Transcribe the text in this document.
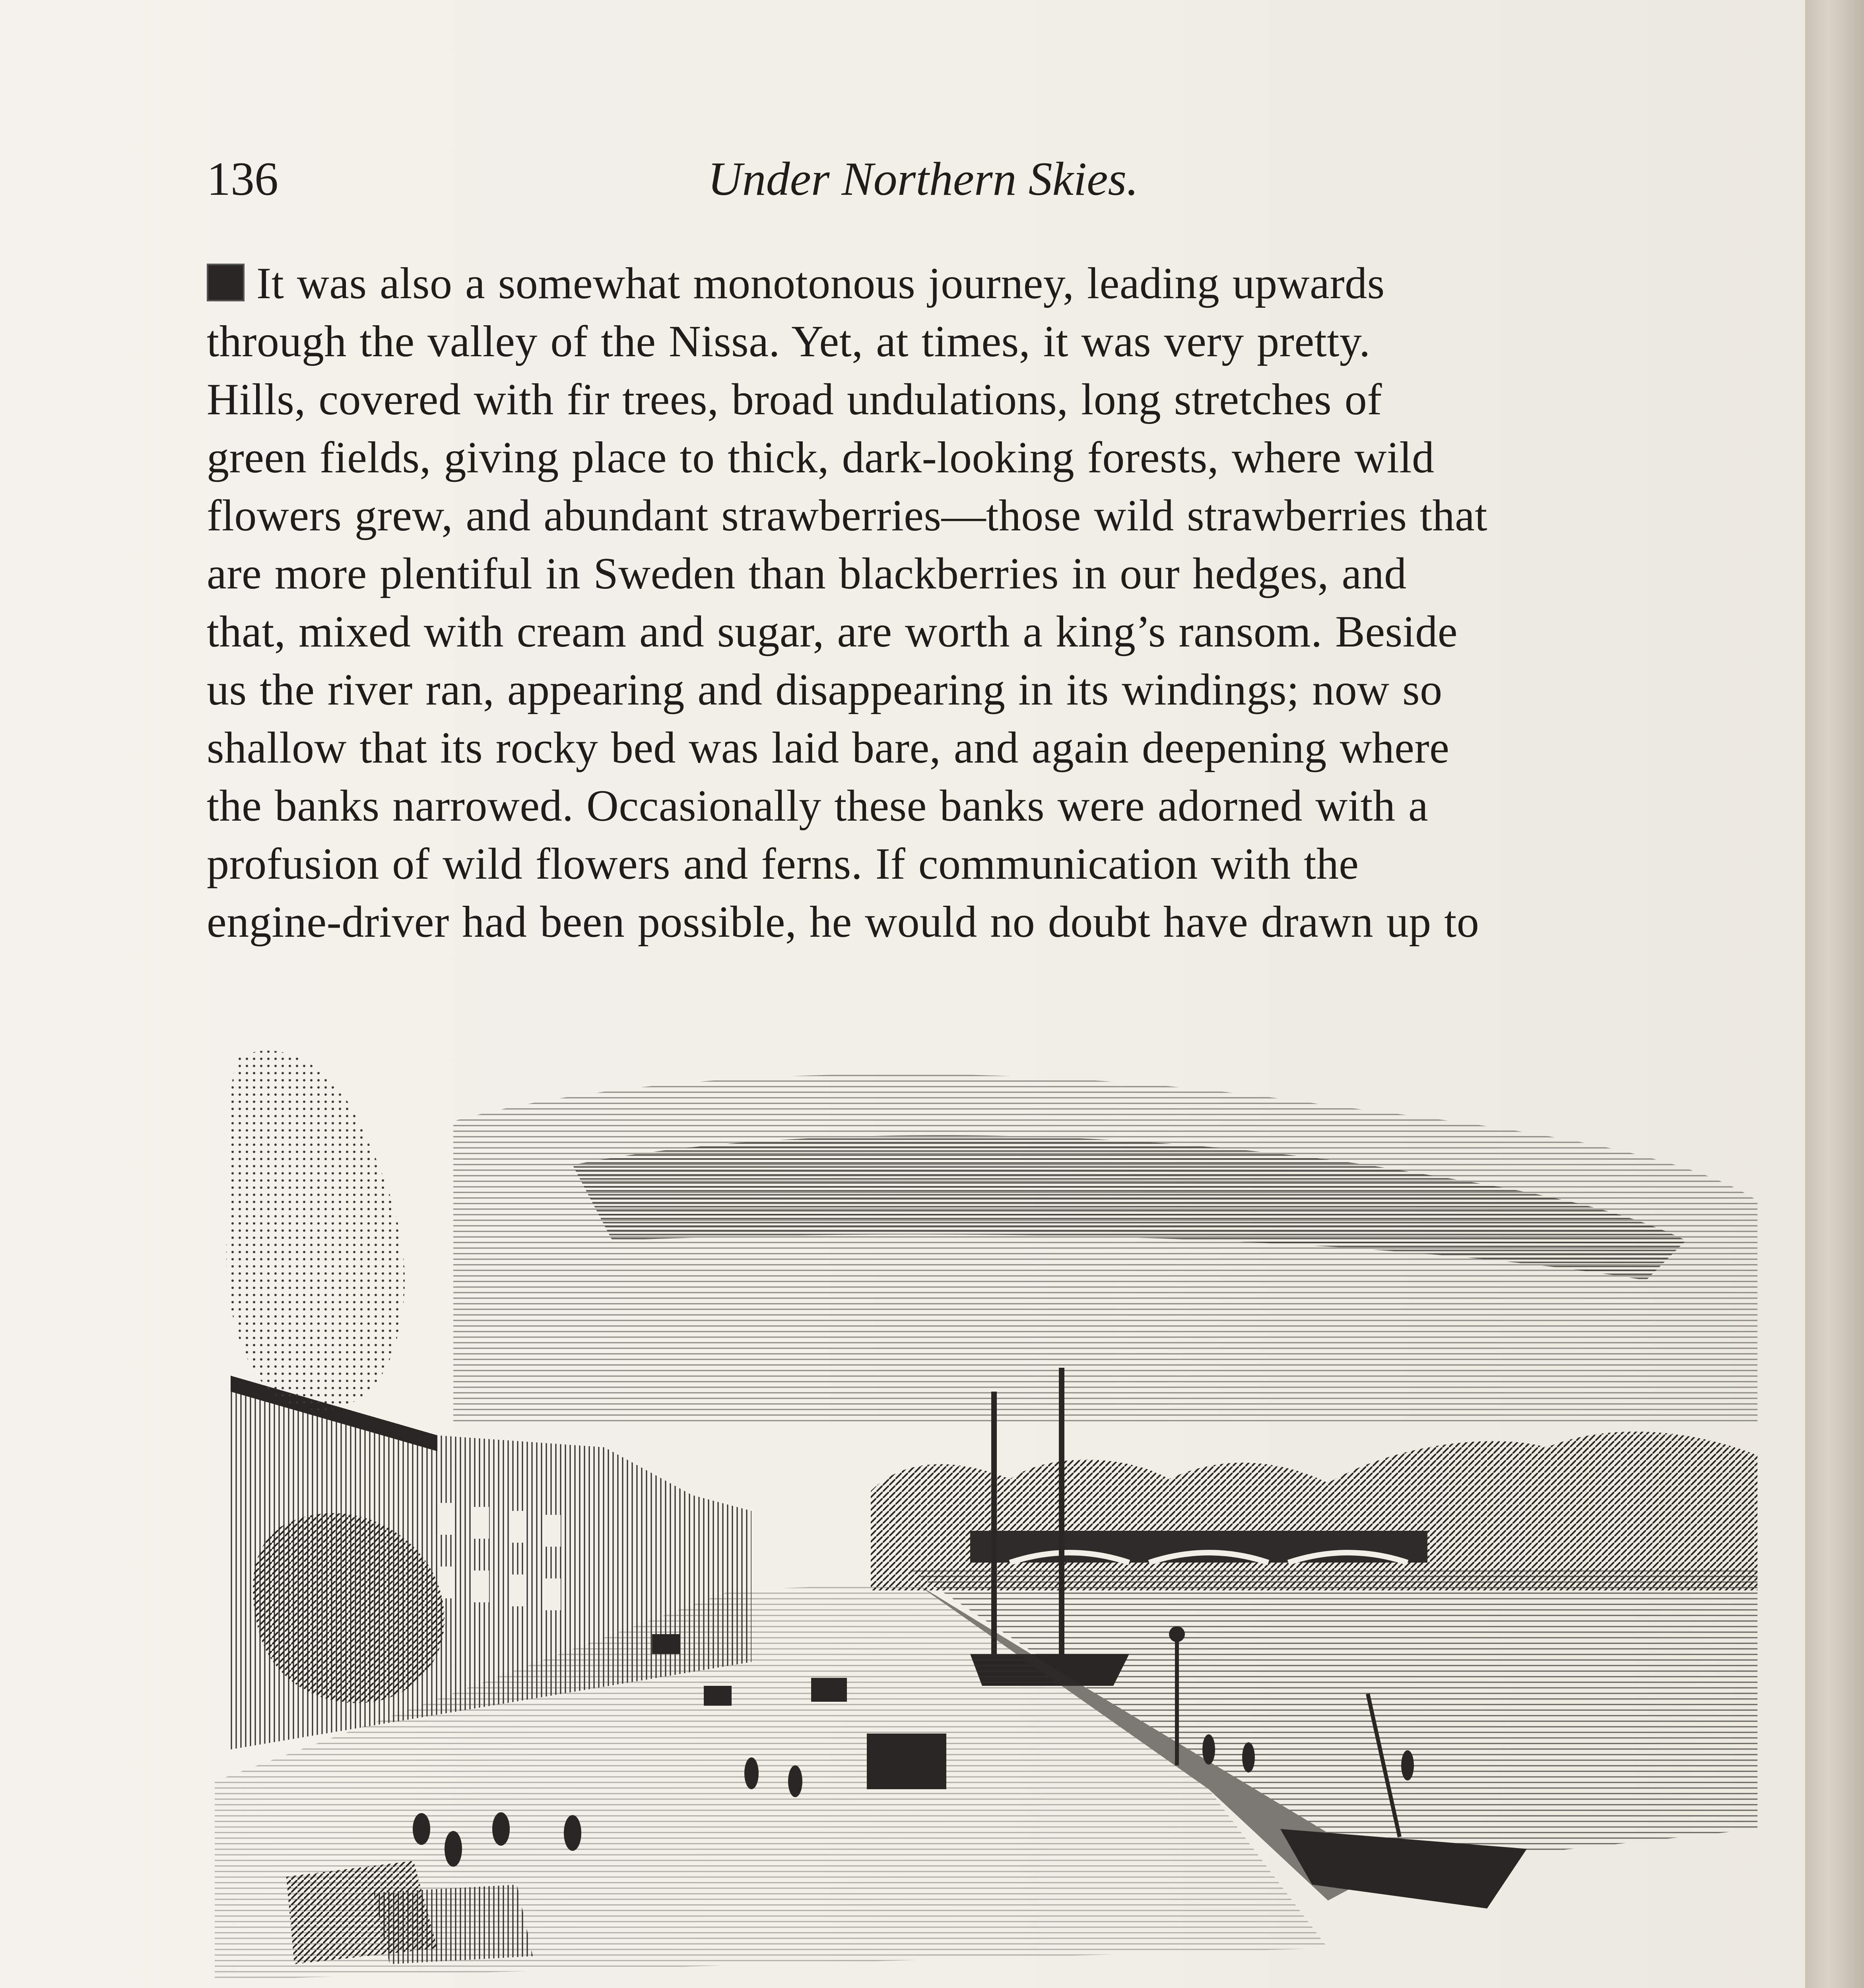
136	Under Northern Skies.

It was also a somewhat monotonous journey, leading upwards
through the valley of the Nissa. Yet, at times, it was very pretty.
Hills, covered with fir trees, broad undulations, long stretches of
green fields, giving place to thick, dark-looking forests, where wild
flowers grew, and abundant strawberries—those wild strawberries that
are more plentiful in Sweden than blackberries in our hedges, and
that, mixed with cream and sugar, are worth a king’s ransom. Beside
us the river ran, appearing and disappearing in its windings; now so
shallow that its rocky bed was laid bare, and again deepening where
the banks narrowed. Occasionally these banks were adorned with a
profusion of wild flowers and ferns. If communication with the
engine-driver had been possible, he would no doubt have drawn up to
